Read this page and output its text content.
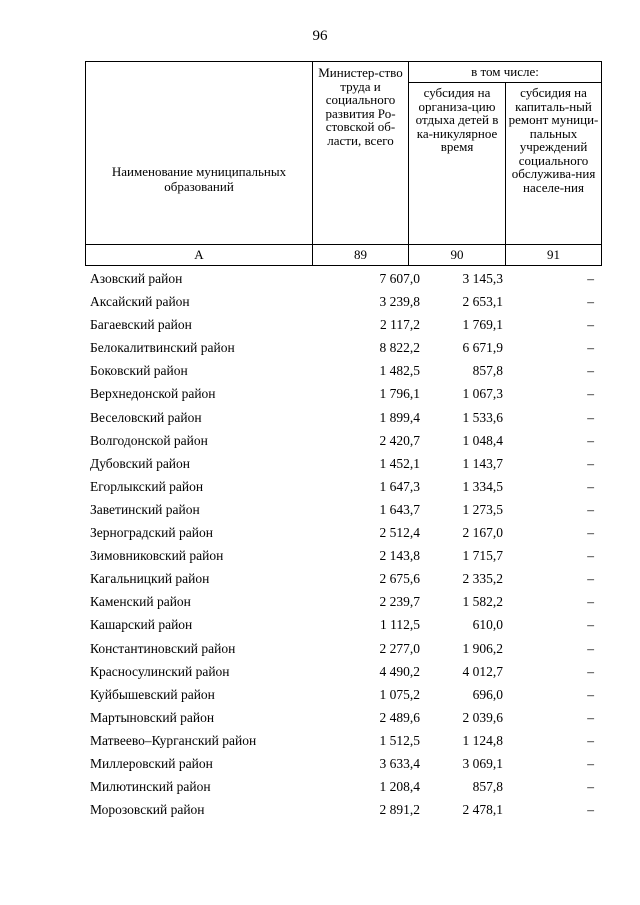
96
Наименование муниципальных образований	Министер-ство труда и социального развития Ро-стовской об-ласти, всего	в том числе:	
		субсидия на организа-цию отдыха детей в ка-никулярное время	субсидия на капиталь-ный ремонт муници-пальных учреждений социального обслужива-ния населе-ния
А	89	90	91
Азовский район	7 607,0	3 145,3	–
Аксайский район	3 239,8	2 653,1	–
Багаевский район	2 117,2	1 769,1	–
Белокалитвинский район	8 822,2	6 671,9	–
Боковский район	1 482,5	857,8	–
Верхнедонской район	1 796,1	1 067,3	–
Веселовский район	1 899,4	1 533,6	–
Волгодонской район	2 420,7	1 048,4	–
Дубовский район	1 452,1	1 143,7	–
Егорлыкский район	1 647,3	1 334,5	–
Заветинский район	1 643,7	1 273,5	–
Зерноградский район	2 512,4	2 167,0	–
Зимовниковский район	2 143,8	1 715,7	–
Кагальницкий район	2 675,6	2 335,2	–
Каменский район	2 239,7	1 582,2	–
Кашарский район	1 112,5	610,0	–
Константиновский район	2 277,0	1 906,2	–
Красносулинский район	4 490,2	4 012,7	–
Куйбышевский район	1 075,2	696,0	–
Мартыновский район	2 489,6	2 039,6	–
Матвеево–Курганский район	1 512,5	1 124,8	–
Миллеровский район	3 633,4	3 069,1	–
Милютинский район	1 208,4	857,8	–
Морозовский район	2 891,2	2 478,1	–
